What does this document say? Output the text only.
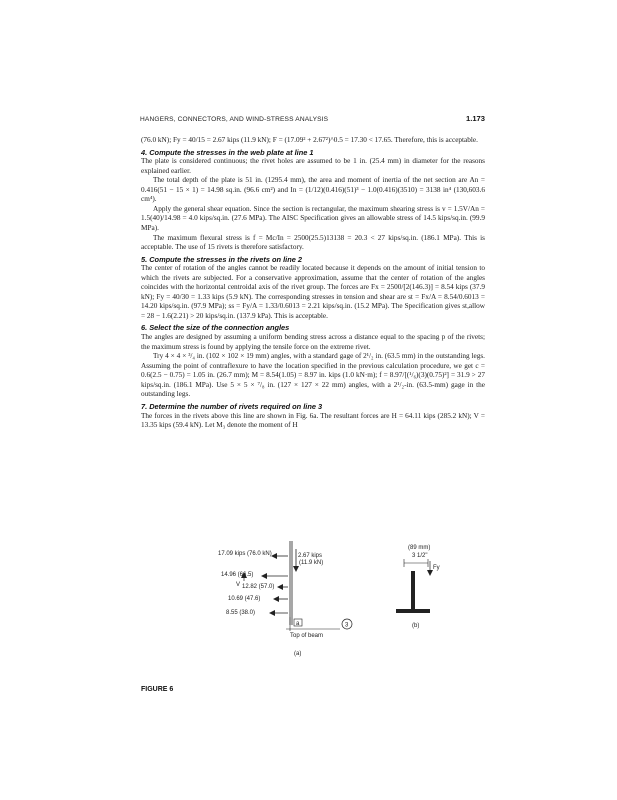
HANGERS, CONNECTORS, AND WIND-STRESS ANALYSIS	1.173

(76.0 kN); Fy = 40/15 = 2.67 kips (11.9 kN); F = (17.09² + 2.67²)^0.5 = 17.30 < 17.65. Therefore, this is acceptable.

4. Compute the stresses in the web plate at line 1

The plate is considered continuous; the rivet holes are assumed to be 1 in. (25.4 mm) in diameter for the reasons explained earlier.

The total depth of the plate is 51 in. (1295.4 mm), the area and moment of inertia of the net section are An = 0.416(51 − 15 × 1) = 14.98 sq.in. (96.6 cm²) and In = (1/12)(0.416)(51)³ − 1.0(0.416)(3510) = 3138 in⁴ (130,603.6 cm⁴).

Apply the general shear equation. Since the section is rectangular, the maximum shearing stress is v = 1.5V/An = 1.5(40)/14.98 = 4.0 kips/sq.in. (27.6 MPa). The AISC Specification gives an allowable stress of 14.5 kips/sq.in. (99.9 MPa).

The maximum flexural stress is f = Mc/In = 2500(25.5)13138 = 20.3 < 27 kips/sq.in. (186.1 MPa). This is acceptable. The use of 15 rivets is therefore satisfactory.

5. Compute the stresses in the rivets on line 2

The center of rotation of the angles cannot be readily located because it depends on the amount of initial tension to which the rivets are subjected. For a conservative approximation, assume that the center of rotation of the angles coincides with the horizontal centroidal axis of the rivet group. The forces are Fx = 2500/[2(146.3)] = 8.54 kips (37.9 kN); Fy = 40/30 = 1.33 kips (5.9 kN). The corresponding stresses in tension and shear are st = Fx/A = 8.54/0.6013 = 14.20 kips/sq.in. (97.9 MPa); ss = Fy/A = 1.33/0.6013 = 2.21 kips/sq.in. (15.2 MPa). The Specification gives st,allow = 28 − 1.6(2.21) > 20 kips/sq.in. (137.9 kPa). This is acceptable.

6. Select the size of the connection angles

The angles are designed by assuming a uniform bending stress across a distance equal to the spacing p of the rivets; the maximum stress is found by applying the tensile force on the extreme rivet.

Try 4 × 4 × ³/₄ in. (102 × 102 × 19 mm) angles, with a standard gage of 2¹/₂ in. (63.5 mm) in the outstanding legs. Assuming the point of contraflexure to have the location specified in the previous calculation procedure, we get c = 0.6(2.5 − 0.75) = 1.05 in. (26.7 mm); M = 8.54(1.05) = 8.97 in. kips (1.0 kN·m); f = 8.97/[(¹/₆)(3)(0.75)²] = 31.9 > 27 kips/sq.in. (186.1 MPa). Use 5 × 5 × ⁷/₈ in. (127 × 127 × 22 mm) angles, with a 2¹/₂-in. (63.5-mm) gage in the outstanding legs.

7. Determine the number of rivets required on line 3

The forces in the rivets above this line are shown in Fig. 6a. The resultant forces are H = 64.11 kips (285.2 kN); V = 13.35 kips (59.4 kN). Let M₃ denote the moment of H

17.09 kips (76.0 kN)	2.67 kips
(11.9 kN)
14.96 (66.5)
V 12.82 (57.0)
10.69 (47.6)
8.55 (38.0)
a	3
Top of beam
(a)
(89 mm)
3 1/2"
Fy
(b)
FIGURE 6
